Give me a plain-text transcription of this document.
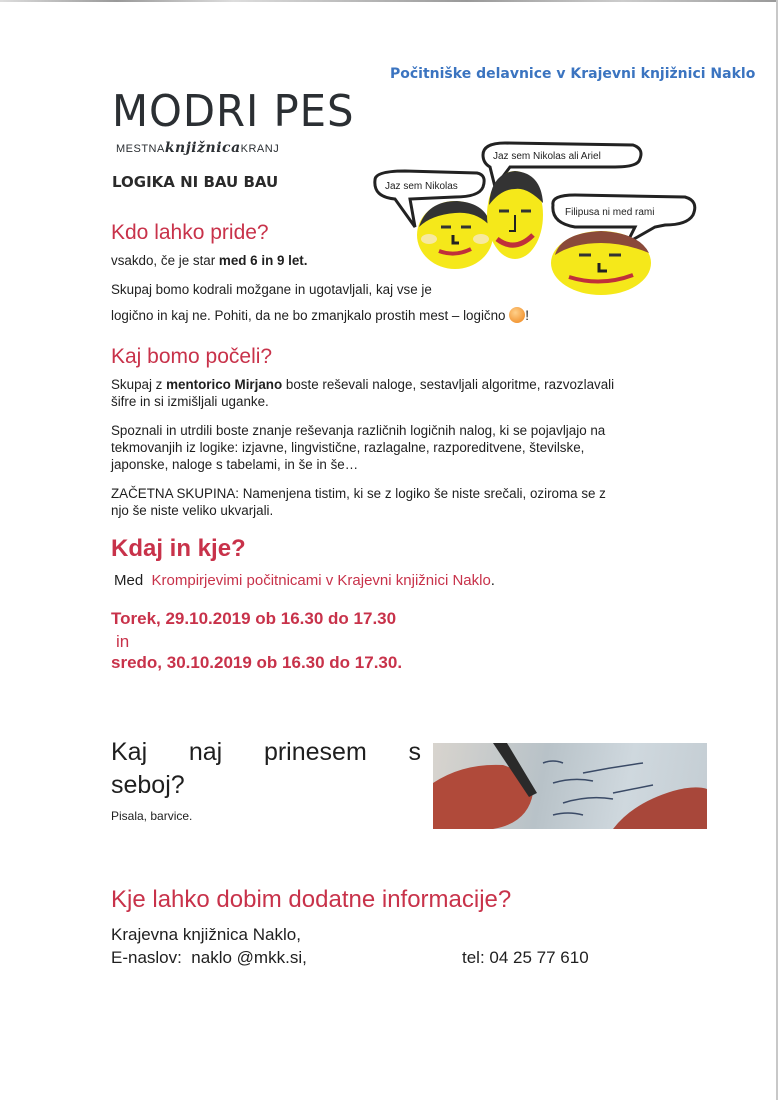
Počitniške delavnice v Krajevni knjižnici Naklo
MODRI PES
MESTNAknjižnicaKRANJ
LOGIKA NI BAU BAU	Jaz sem Nikolas
Jaz sem Nikolas ali Ariel
Filipusa ni med rami
Kdo lahko pride?
vsakdo, če je star med 6 in 9 let.
Skupaj bomo kodrali možgane in ugotavljali, kaj vse je
logično in kaj ne. Pohiti, da ne bo zmanjkalo prostih mest – logično !
Kaj bomo počeli?
Skupaj z mentorico Mirjano boste reševali naloge, sestavljali algoritme, razvozlavali
šifre in si izmišljali uganke.
Spoznali in utrdili boste znanje reševanja različnih logičnih nalog, ki se pojavljajo na
tekmovanjih iz logike: izjavne, lingvistične, razlagalne, razporeditvene, številske,
japonske, naloge s tabelami, in še in še…
ZAČETNA SKUPINA: Namenjena tistim, ki se z logiko še niste srečali, oziroma se z
njo še niste veliko ukvarjali.
Kdaj in kje?
Med Krompirjevimi počitnicami v Krajevni knjižnici Naklo.
Torek, 29.10.2019 ob 16.30 do 17.30
in
sredo, 30.10.2019 ob 16.30 do 17.30.
Kaj naj prinesem s
seboj?
Pisala, barvice.
Kje lahko dobim dodatne informacije?
Krajevna knjižnica Naklo,
E-naslov:  naklo @mkk.si,	tel: 04 25 77 610
